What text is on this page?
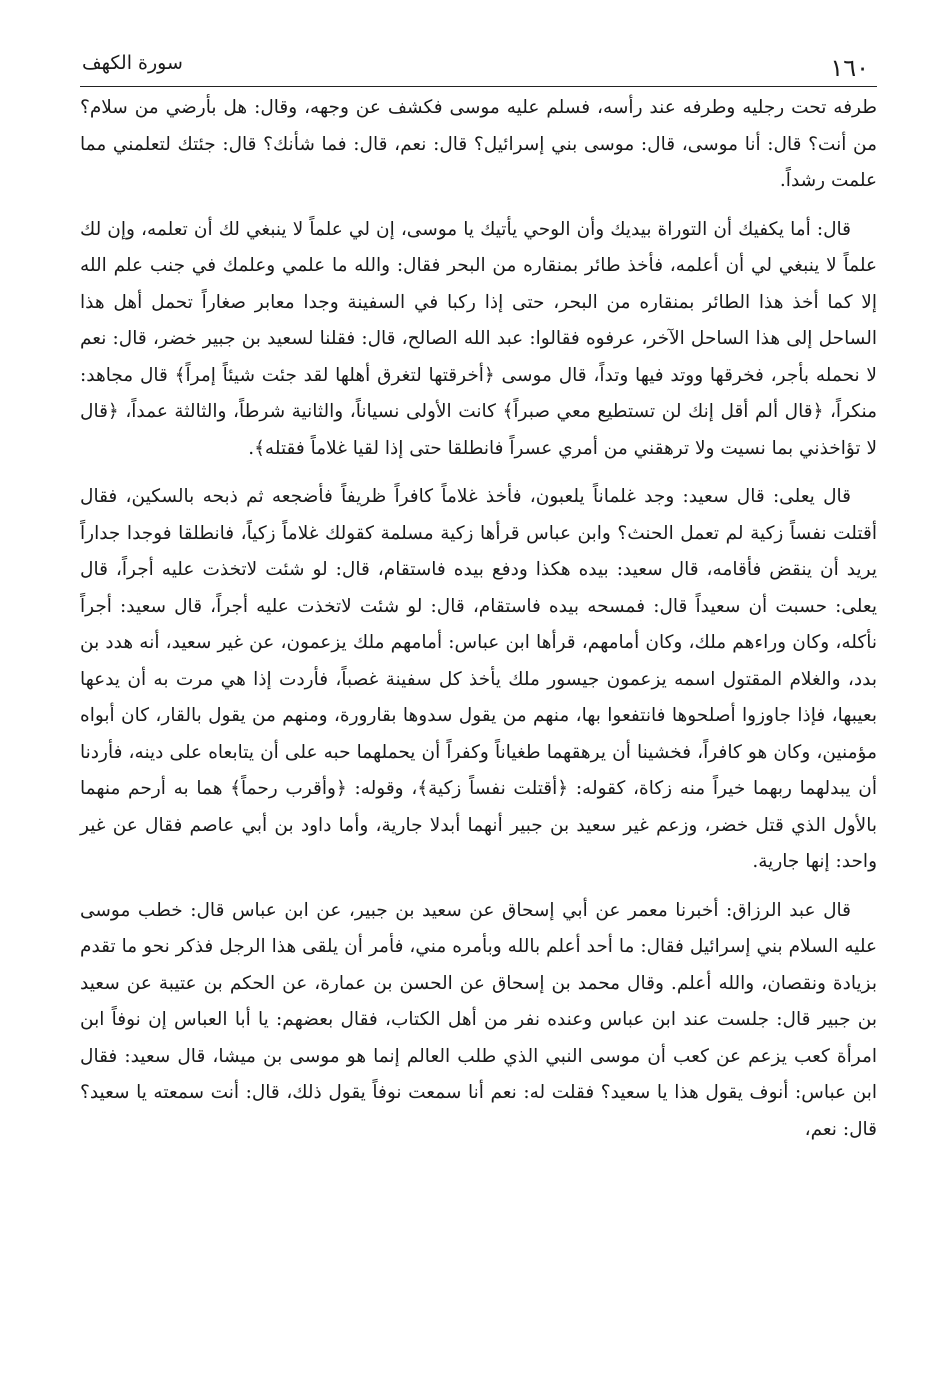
١٦٠
سورة الكهف

طرفه تحت رجليه وطرفه عند رأسه، فسلم عليه موسى فكشف عن وجهه، وقال: هل بأرضي من سلام؟ من أنت؟ قال: أنا موسى، قال: موسى بني إسرائيل؟ قال: نعم، قال: فما شأنك؟ قال: جئتك لتعلمني مما علمت رشداً.

قال: أما يكفيك أن التوراة بيديك وأن الوحي يأتيك يا موسى، إن لي علماً لا ينبغي لك أن تعلمه، وإن لك علماً لا ينبغي لي أن أعلمه، فأخذ طائر بمنقاره من البحر فقال: والله ما علمي وعلمك في جنب علم الله إلا كما أخذ هذا الطائر بمنقاره من البحر، حتى إذا ركبا في السفينة وجدا معابر صغاراً تحمل أهل هذا الساحل إلى هذا الساحل الآخر، عرفوه فقالوا: عبد الله الصالح، قال: فقلنا لسعيد بن جبير خضر، قال: نعم لا نحمله بأجر، فخرقها ووتد فيها وتداً، قال موسى ﴿أخرقتها لتغرق أهلها لقد جئت شيئاً إمراً﴾ قال مجاهد: منكراً، ﴿قال ألم أقل إنك لن تستطيع معي صبراً﴾ كانت الأولى نسياناً، والثانية شرطاً، والثالثة عمداً، ﴿قال لا تؤاخذني بما نسيت ولا ترهقني من أمري عسراً فانطلقا حتى إذا لقيا غلاماً فقتله﴾.

قال يعلى: قال سعيد: وجد غلماناً يلعبون، فأخذ غلاماً كافراً ظريفاً فأضجعه ثم ذبحه بالسكين، فقال أقتلت نفساً زكية لم تعمل الحنث؟ وابن عباس قرأها زكية مسلمة كقولك غلاماً زكياً، فانطلقا فوجدا جداراً يريد أن ينقض فأقامه، قال سعيد: بيده هكذا ودفع بيده فاستقام، قال: لو شئت لاتخذت عليه أجراً، قال يعلى: حسبت أن سعيداً قال: فمسحه بيده فاستقام، قال: لو شئت لاتخذت عليه أجراً، قال سعيد: أجراً نأكله، وكان وراءهم ملك، وكان أمامهم، قرأها ابن عباس: أمامهم ملك يزعمون، عن غير سعيد، أنه هدد بن بدد، والغلام المقتول اسمه يزعمون جيسور ملك يأخذ كل سفينة غصباً، فأردت إذا هي مرت به أن يدعها بعيبها، فإذا جاوزوا أصلحوها فانتفعوا بها، منهم من يقول سدوها بقارورة، ومنهم من يقول بالقار، كان أبواه مؤمنين، وكان هو كافراً، فخشينا أن يرهقهما طغياناً وكفراً أن يحملهما حبه على أن يتابعاه على دينه، فأردنا أن يبدلهما ربهما خيراً منه زكاة، كقوله: ﴿أقتلت نفساً زكية﴾، وقوله: ﴿وأقرب رحماً﴾ هما به أرحم منهما بالأول الذي قتل خضر، وزعم غير سعيد بن جبير أنهما أبدلا جارية، وأما داود بن أبي عاصم فقال عن غير واحد: إنها جارية.

قال عبد الرزاق: أخبرنا معمر عن أبي إسحاق عن سعيد بن جبير، عن ابن عباس قال: خطب موسى عليه السلام بني إسرائيل فقال: ما أحد أعلم بالله وبأمره مني، فأمر أن يلقى هذا الرجل فذكر نحو ما تقدم بزيادة ونقصان، والله أعلم. وقال محمد بن إسحاق عن الحسن بن عمارة، عن الحكم بن عتيبة عن سعيد بن جبير قال: جلست عند ابن عباس وعنده نفر من أهل الكتاب، فقال بعضهم: يا أبا العباس إن نوفاً ابن امرأة كعب يزعم عن كعب أن موسى النبي الذي طلب العالم إنما هو موسى بن ميشا، قال سعيد: فقال ابن عباس: أنوف يقول هذا يا سعيد؟ فقلت له: نعم أنا سمعت نوفاً يقول ذلك، قال: أنت سمعته يا سعيد؟ قال: نعم،
